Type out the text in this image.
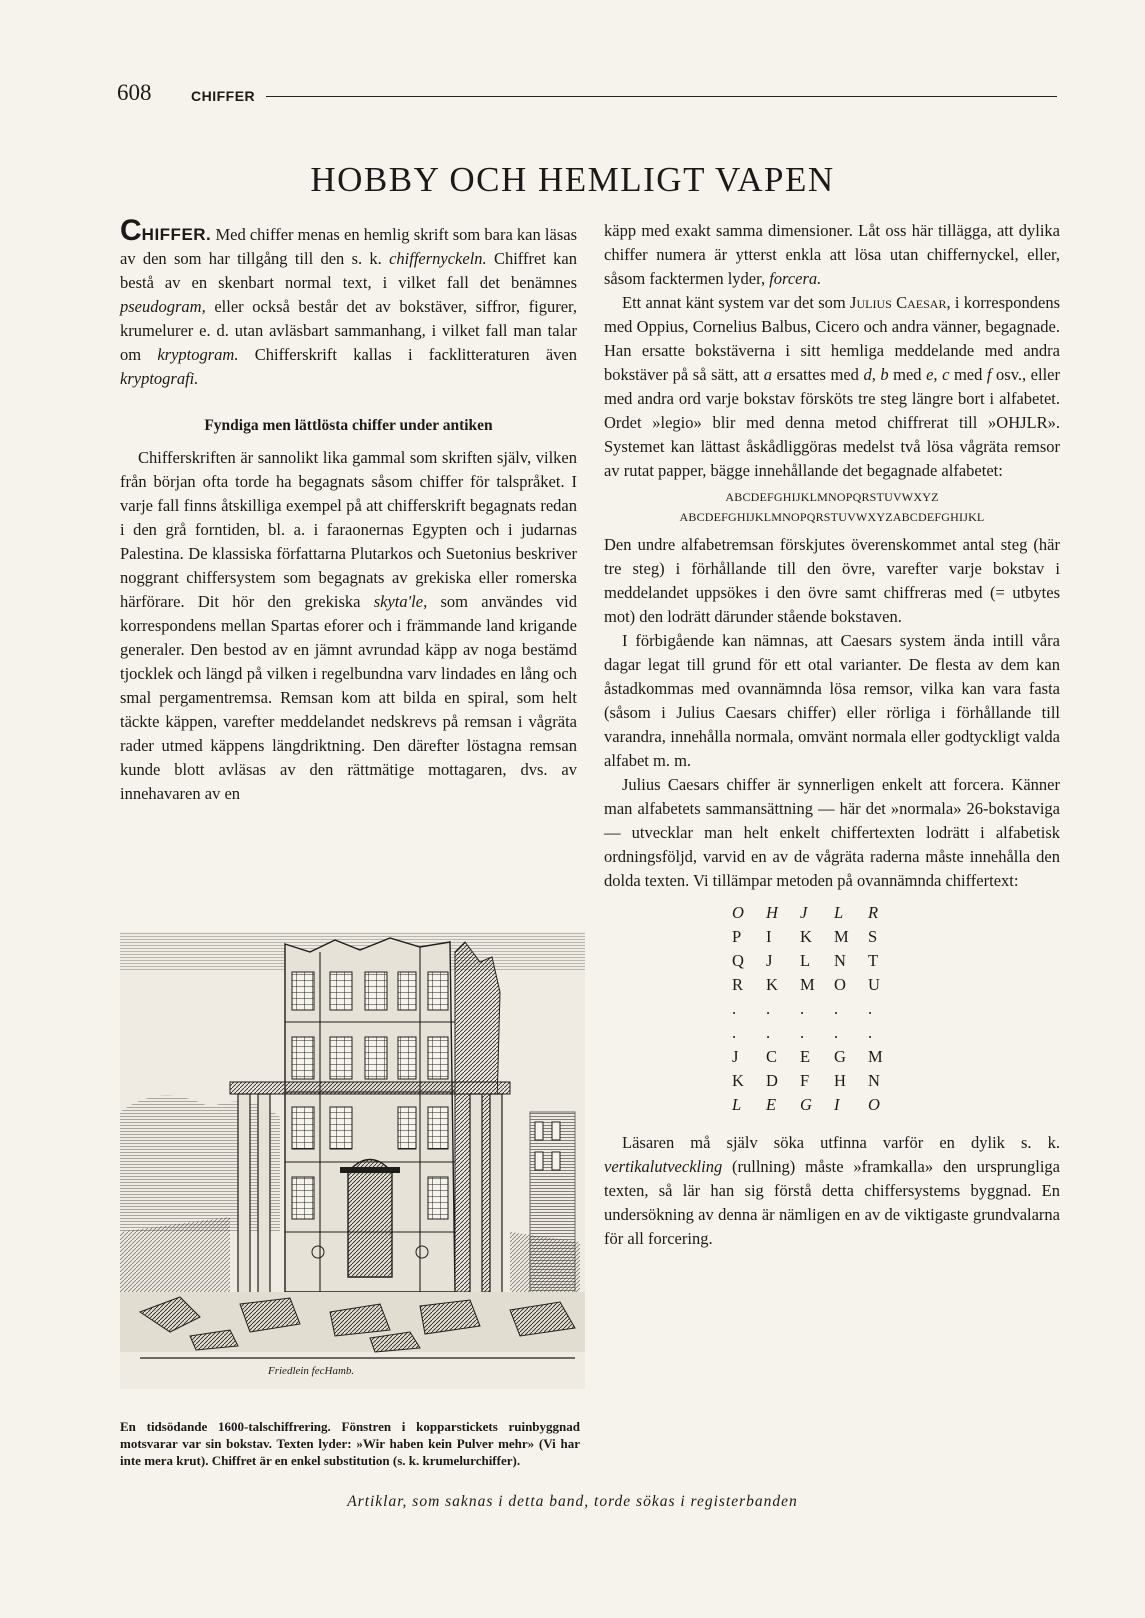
608	CHIFFER
HOBBY OCH HEMLIGT VAPEN

CHIFFER. Med chiffer menas en hemlig skrift som bara kan läsas av den som har tillgång till den s. k. chiffernyckeln. Chiffret kan bestå av en skenbart normal text, i vilket fall det benämnes pseudogram, eller också består det av bokstäver, siffror, figurer, krumelurer e. d. utan avläsbart sammanhang, i vilket fall man talar om kryptogram. Chifferskrift kallas i facklitteraturen även kryptografi.

Fyndiga men lättlösta chiffer under antiken

Chifferskriften är sannolikt lika gammal som skriften själv, vilken från början ofta torde ha begagnats såsom chiffer för talspråket. I varje fall finns åtskilliga exempel på att chifferskrift begagnats redan i den grå forntiden, bl. a. i faraonernas Egypten och i judarnas Palestina. De klassiska författarna Plutarkos och Suetonius beskriver noggrant chiffersystem som begagnats av grekiska eller romerska härförare. Dit hör den grekiska skyta'le, som användes vid korrespondens mellan Spartas eforer och i främmande land krigande generaler. Den bestod av en jämnt avrundad käpp av noga bestämd tjocklek och längd på vilken i regelbundna varv lindades en lång och smal pergamentremsa. Remsan kom att bilda en spiral, som helt täckte käppen, varefter meddelandet nedskrevs på remsan i vågräta rader utmed käppens längdriktning. Den därefter löstagna remsan kunde blott avläsas av den rättmätige mottagaren, dvs. av innehavaren av en

käpp med exakt samma dimensioner. Låt oss här tillägga, att dylika chiffer numera är ytterst enkla att lösa utan chiffernyckel, eller, såsom facktermen lyder, forcera.

Ett annat känt system var det som Julius Caesar, i korrespondens med Oppius, Cornelius Balbus, Cicero och andra vänner, begagnade. Han ersatte bokstäverna i sitt hemliga meddelande med andra bokstäver på så sätt, att a ersattes med d, b med e, c med f osv., eller med andra ord varje bokstav försköts tre steg längre bort i alfabetet. Ordet »legio» blir med denna metod chiffrerat till »OHJLR». Systemet kan lättast åskådliggöras medelst två lösa vågräta remsor av rutat papper, bägge innehållande det begagnade alfabetet:

ABCDEFGHIJKLMNOPQRSTUVWXYZ

ABCDEFGHIJKLMNOPQRSTUVWXYZABCDEFGHIJKL

Den undre alfabetremsan förskjutes överenskommet antal steg (här tre steg) i förhållande till den övre, varefter varje bokstav i meddelandet uppsökes i den övre samt chiffreras med (= utbytes mot) den lodrätt därunder stående bokstaven.

I förbigående kan nämnas, att Caesars system ända intill våra dagar legat till grund för ett otal varianter. De flesta av dem kan åstadkommas med ovannämnda lösa remsor, vilka kan vara fasta (såsom i Julius Caesars chiffer) eller rörliga i förhållande till varandra, innehålla normala, omvänt normala eller godtyckligt valda alfabet m. m.

Julius Caesars chiffer är synnerligen enkelt att forcera. Känner man alfabetets sammansättning — här det »normala» 26-bokstaviga — utvecklar man helt enkelt chiffertexten lodrätt i alfabetisk ordningsföljd, varvid en av de vågräta raderna måste innehålla den dolda texten. Vi tillämpar metoden på ovannämnda chiffertext:

O	H	J	L	R
P	I	K	M	S
Q	J	L	N	T
R	K	M	O	U
.	.	.	.	.
.	.	.	.	.
J	C	E	G	M
K	D	F	H	N
L	E	G	I	O

Läsaren må själv söka utfinna varför en dylik s. k. vertikalutveckling (rullning) måste »framkalla» den ursprungliga texten, så lär han sig förstå detta chiffersystems byggnad. En undersökning av denna är nämligen en av de viktigaste grundvalarna för all forcering.

Friedlein fecHamb.

En tidsödande 1600-talschiffrering. Fönstren i kopparstickets ruinbyggnad motsvarar var sin bokstav. Texten lyder: »Wir haben kein Pulver mehr» (Vi har inte mera krut). Chiffret är en enkel substitution (s. k. krumelurchiffer).

Artiklar, som saknas i detta band, torde sökas i registerbanden
